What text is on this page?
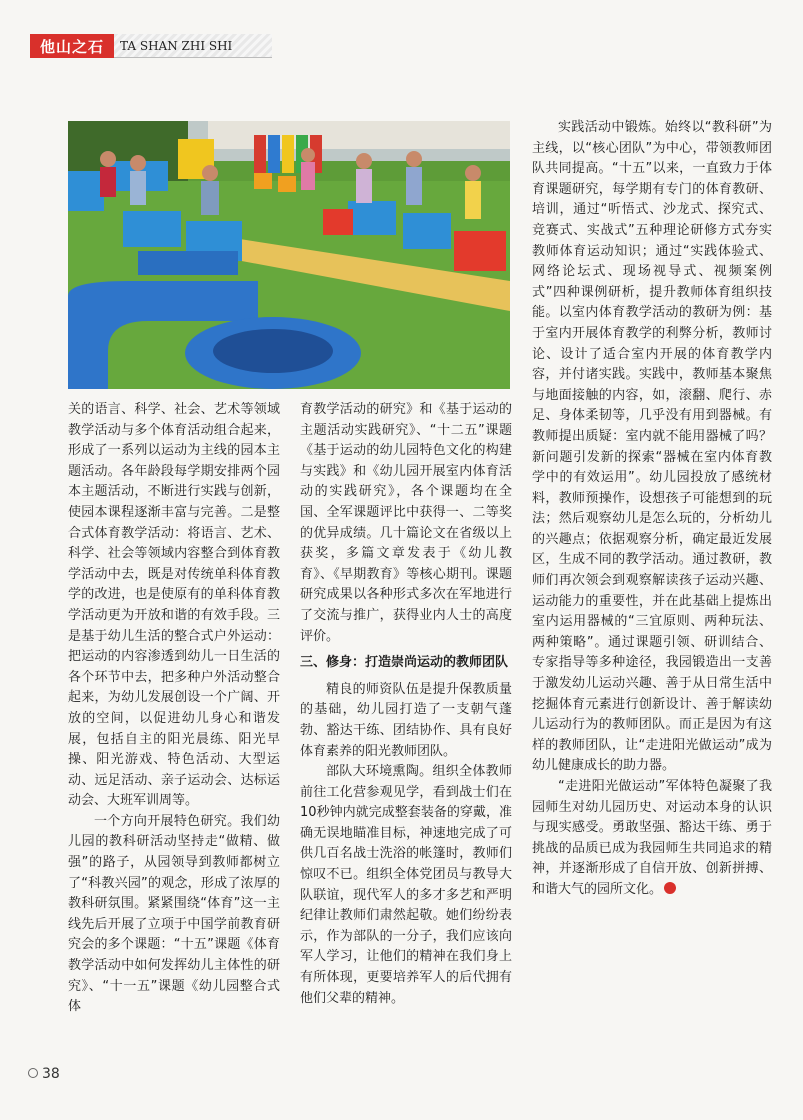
他山之石	TA SHAN ZHI SHI

关的语言、科学、社会、艺术等领域教学活动与多个体育活动组合起来，形成了一系列以运动为主线的园本主题活动。各年龄段每学期安排两个园本主题活动，不断进行实践与创新，使园本课程逐渐丰富与完善。二是整合式体育教学活动：将语言、艺术、科学、社会等领域内容整合到体育教学活动中去，既是对传统单科体育教学的改进，也是使原有的单科体育教学活动更为开放和谐的有效手段。三是基于幼儿生活的整合式户外运动：把运动的内容渗透到幼儿一日生活的各个环节中去，把多种户外活动整合起来，为幼儿发展创设一个广阔、开放的空间，以促进幼儿身心和谐发展，包括自主的阳光晨练、阳光早操、阳光游戏、特色活动、大型运动、远足活动、亲子运动会、达标运动会、大班军训周等。

一个方向开展特色研究。我们幼儿园的教科研活动坚持走“做精、做强”的路子，从园领导到教师都树立了“科教兴园”的观念，形成了浓厚的教科研氛围。紧紧围绕“体育”这一主线先后开展了立项于中国学前教育研究会的多个课题：“十五”课题《体育教学活动中如何发挥幼儿主体性的研究》、“十一五”课题《幼儿园整合式体

育教学活动的研究》和《基于运动的主题活动实践研究》、“十二五”课题《基于运动的幼儿园特色文化的构建与实践》和《幼儿园开展室内体育活动的实践研究》，各个课题均在全国、全军课题评比中获得一、二等奖的优异成绩。几十篇论文在省级以上获奖，多篇文章发表于《幼儿教育》、《早期教育》等核心期刊。课题研究成果以各种形式多次在军地进行了交流与推广，获得业内人士的高度评价。

三、修身：打造崇尚运动的教师团队

精良的师资队伍是提升保教质量的基础，幼儿园打造了一支朝气蓬勃、豁达干练、团结协作、具有良好体育素养的阳光教师团队。

部队大环境熏陶。组织全体教师前往工化营参观见学，看到战士们在10秒钟内就完成整套装备的穿戴，准确无误地瞄准目标，神速地完成了可供几百名战士洗浴的帐篷时，教师们惊叹不已。组织全体党团员与教导大队联谊，现代军人的多才多艺和严明纪律让教师们肃然起敬。她们纷纷表示，作为部队的一分子，我们应该向军人学习，让他们的精神在我们身上有所体现，更要培养军人的后代拥有他们父辈的精神。

实践活动中锻炼。始终以“教科研”为主线，以“核心团队”为中心，带领教师团队共同提高。“十五”以来，一直致力于体育课题研究，每学期有专门的体育教研、培训，通过“听悟式、沙龙式、探究式、竞赛式、实战式”五种理论研修方式夯实教师体育运动知识；通过“实践体验式、网络论坛式、现场视导式、视频案例式”四种课例研析，提升教师体育组织技能。以室内体育教学活动的教研为例：基于室内开展体育教学的利弊分析，教师讨论、设计了适合室内开展的体育教学内容，并付诸实践。实践中，教师基本聚焦与地面接触的内容，如，滚翻、爬行、赤足、身体柔韧等，几乎没有用到器械。有教师提出质疑：室内就不能用器械了吗？新问题引发新的探索“器械在室内体育教学中的有效运用”。幼儿园投放了感统材料，教师预操作，设想孩子可能想到的玩法；然后观察幼儿是怎么玩的，分析幼儿的兴趣点；依据观察分析，确定最近发展区，生成不同的教学活动。通过教研，教师们再次领会到观察解读孩子运动兴趣、运动能力的重要性，并在此基础上提炼出室内运用器械的“三宜原则、两种玩法、两种策略”。通过课题引领、研训结合、专家指导等多种途径，我园锻造出一支善于激发幼儿运动兴趣、善于从日常生活中挖掘体育元素进行创新设计、善于解读幼儿运动行为的教师团队。而正是因为有这样的教师团队，让“走进阳光做运动”成为幼儿健康成长的助力器。

“走进阳光做运动”军体特色凝聚了我园师生对幼儿园历史、对运动本身的认识与现实感受。勇敢坚强、豁达干练、勇于挑战的品质已成为我园师生共同追求的精神，并逐渐形成了自信开放、创新拼搏、和谐大气的园所文化。

38
